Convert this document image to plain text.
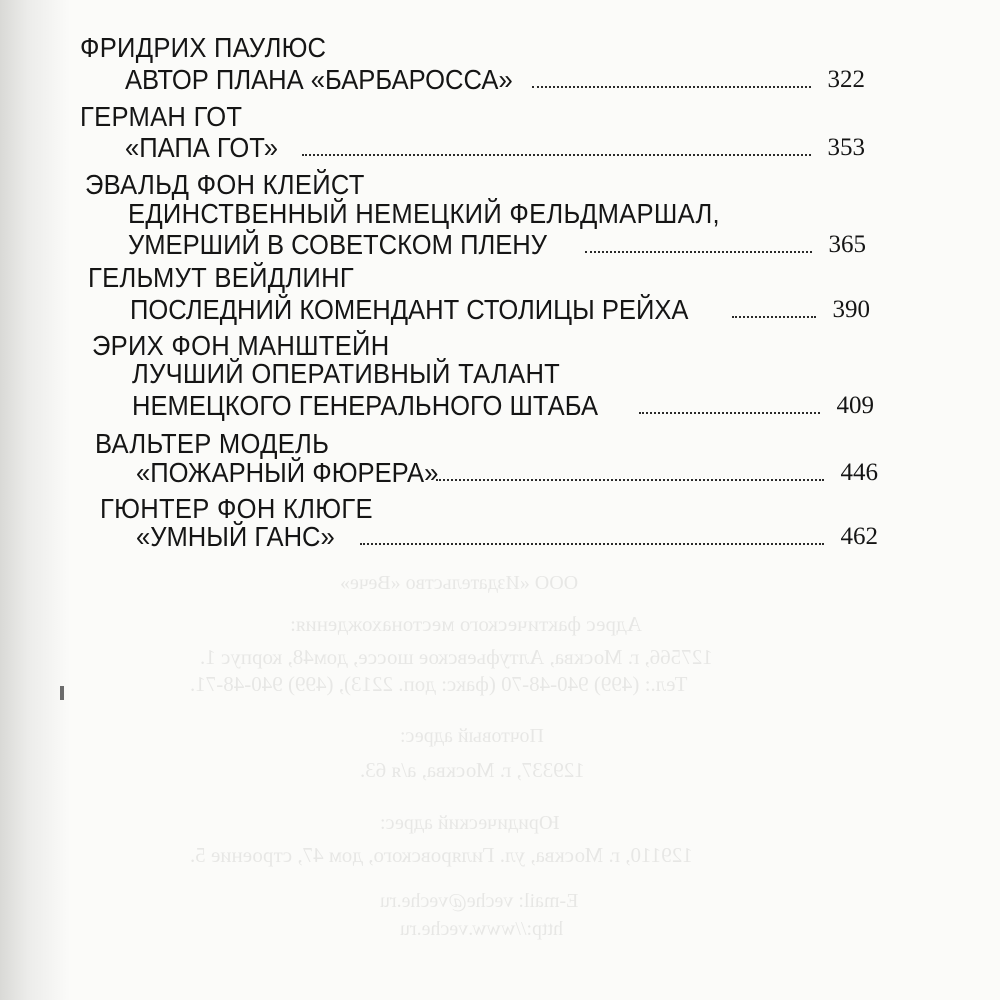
ООО «Издательство «Вече»
Адрес фактического местонахождения:
127566, г. Москва, Алтуфьевское шоссе, дом48, корпус 1.
Тел.: (499) 940-48-70 (факс: доп. 2213), (499) 940-48-71.
Почтовый адрес:
129337, г. Москва, а/я 63.
Юридический адрес:
129110, г. Москва, ул. Гиляровского, дом 47, строение 5.
E-mail: veche@veche.ru
http://www.veche.ru
ФРИДРИХ ПАУЛЮС
АВТОР ПЛАНА «БАРБАРОССА»	322
ГЕРМАН ГОТ
«ПАПА ГОТ»	353
ЭВАЛЬД ФОН КЛЕЙСТ
ЕДИНСТВЕННЫЙ НЕМЕЦКИЙ ФЕЛЬДМАРШАЛ,
УМЕРШИЙ В СОВЕТСКОМ ПЛЕНУ	365
ГЕЛЬМУТ ВЕЙДЛИНГ
ПОСЛЕДНИЙ КОМЕНДАНТ СТОЛИЦЫ РЕЙХА	390
ЭРИХ ФОН МАНШТЕЙН
ЛУЧШИЙ ОПЕРАТИВНЫЙ ТАЛАНТ
НЕМЕЦКОГО ГЕНЕРАЛЬНОГО ШТАБА	409
ВАЛЬТЕР МОДЕЛЬ
«ПОЖАРНЫЙ ФЮРЕРА»	446
ГЮНТЕР ФОН КЛЮГЕ
«УМНЫЙ ГАНС»	462
